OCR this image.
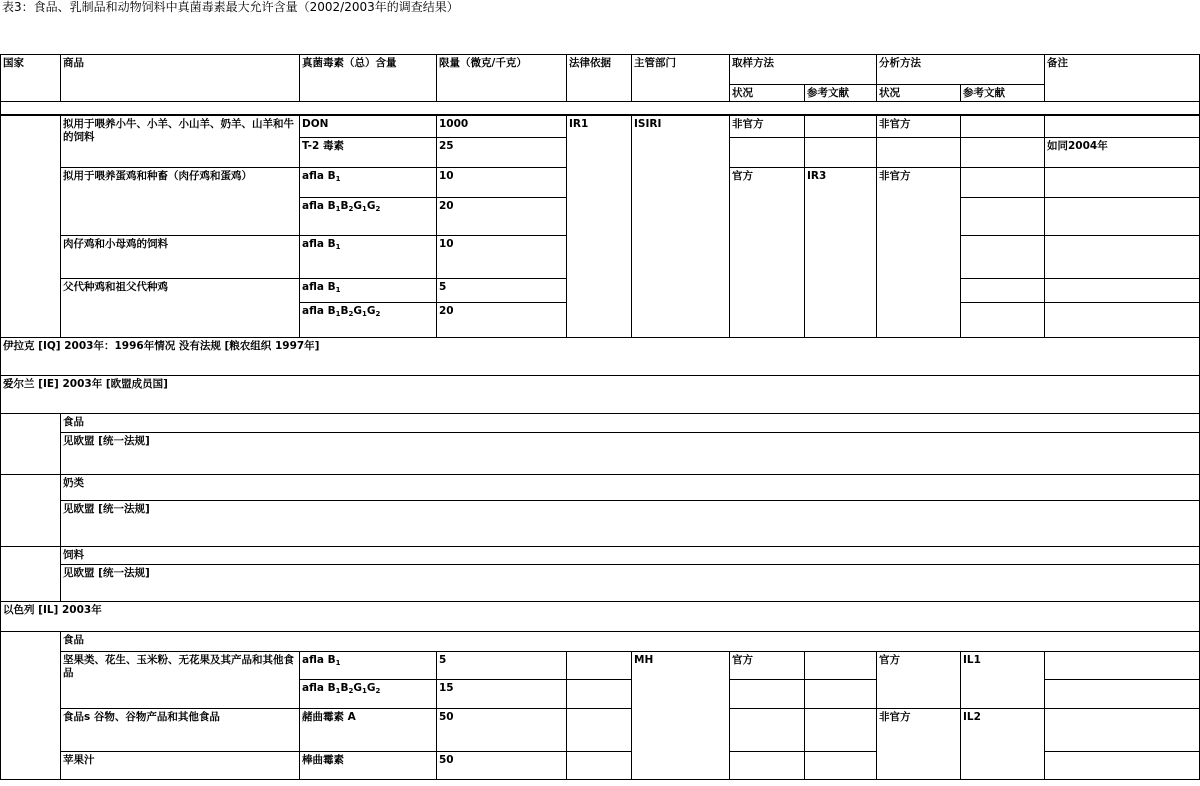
表3：食品、乳制品和动物饲料中真菌毒素最大允许含量（2002/2003年的调查结果）
国家	商品	真菌毒素（总）含量	限量（微克/千克）	法律依据	主管部门	取样方法		分析方法		备注
						状况	参考文献	状况	参考文献	

	拟用于喂养小牛、小羊、小山羊、奶羊、山羊和牛的饲料	DON	1000	IR1	ISIRI	非官方		非官方		
		T-2 毒素	25							如同2004年
	拟用于喂养蛋鸡和种畜（肉仔鸡和蛋鸡）	afla $B_1$	10			官方	IR3	非官方		
		afla $B_1B_2G_1G_2$	20							
	肉仔鸡和小母鸡的饲料	afla $B_1$	10							
	父代种鸡和祖父代种鸡	afla $B_1$	5							
		afla $B_1B_2G_1G_2$	20							
伊拉克 [IQ] 2003年：1996年情况 没有法规 [粮农组织 1997年]										
爱尔兰 [IE] 2003年 [欧盟成员国]										
	食品									
	见欧盟 [统一法规]									
	奶类									
	见欧盟 [统一法规]									
	饲料									
	见欧盟 [统一法规]									
以色列 [IL] 2003年										
	食品									
	坚果类、花生、玉米粉、无花果及其产品和其他食品	afla $B_1$	5		MH	官方		官方	IL1	
		afla $B_1B_2G_1G_2$	15							
	食品s 谷物、谷物产品和其他食品	赭曲霉素 A	50					非官方	IL2	
	苹果汁	棒曲霉素	50							
